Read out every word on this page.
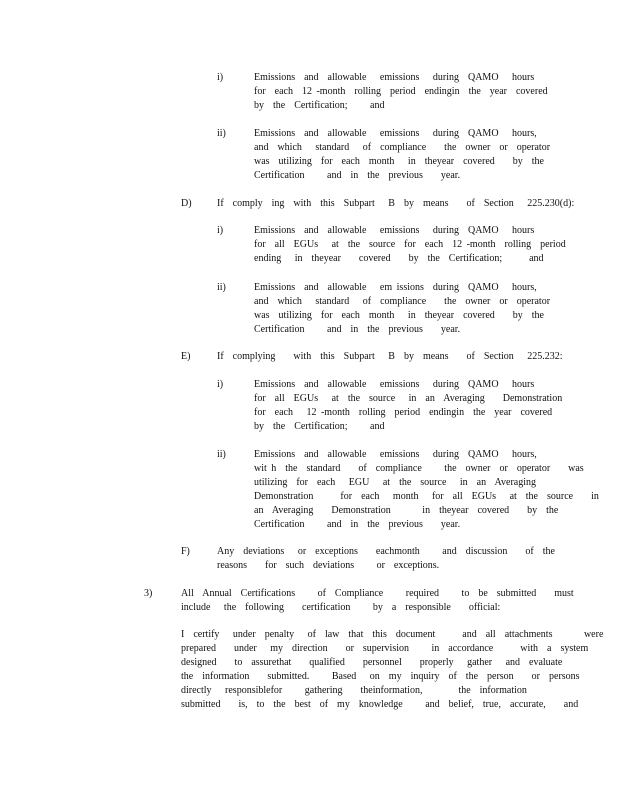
i)	Emissions  and  allowable   emissions   during  QAMO   hours
for  each  12 -month  rolling  period  endingin  the  year  covered
by  the  Certification;     and
ii)	Emissions  and  allowable   emissions   during  QAMO   hours,
and  which   standard   of  compliance    the  owner  or  operator
was  utilizing  for  each  month   in  theyear  covered    by  the
Certification     and  in  the  previous    year.
D)	If  comply  ing  with  this  Subpart   B  by  means    of  Section   225.230(d):
i)	Emissions  and  allowable   emissions   during  QAMO   hours
for  all  EGUs   at  the  source  for  each  12 -month  rolling  period
ending   in  theyear    covered    by  the  Certification;      and
ii)	Emissions  and  allowable   em issions  during  QAMO   hours,
and  which   standard   of  compliance    the  owner  or  operator
was  utilizing  for  each  month   in  theyear  covered    by  the
Certification     and  in  the  previous    year.
E)	If  complying    with  this  Subpart   B  by  means    of  Section   225.232:
i)	Emissions  and  allowable   emissions   during  QAMO   hours
for  all  EGUs   at  the  source   in  an  Averaging    Demonstration
for  each   12 -month  rolling  period  endingin  the  year  covered
by  the  Certification;     and
ii)	Emissions  and  allowable   emissions   during  QAMO   hours,
wit h  the  standard    of  compliance     the  owner  or  operator    was
utilizing  for  each   EGU   at  the  source   in  an  Averaging
Demonstration      for  each   month   for  all  EGUs   at  the  source    in
an  Averaging    Demonstration       in  theyear  covered    by  the
Certification     and  in  the  previous    year.
F)	Any  deviations   or  exceptions    eachmonth     and  discussion    of  the
reasons    for  such  deviations     or  exceptions.
3)	All  Annual  Certifications     of  Compliance     required     to  be  submitted    must
include   the  following    certification     by  a  responsible    official:
I  certify   under  penalty   of  law  that  this  document      and  all  attachments       were
prepared    under   my  direction    or  supervision     in  accordance      with  a  system
designed    to  assurethat    qualified    personnel    properly   gather   and  evaluate
the  information    submitted.     Based   on  my  inquiry  of  the  person    or  persons
directly   responsiblefor     gathering    theinformation,        the  information
submitted    is,  to  the  best  of  my  knowledge     and  belief,  true,  accurate,    and
